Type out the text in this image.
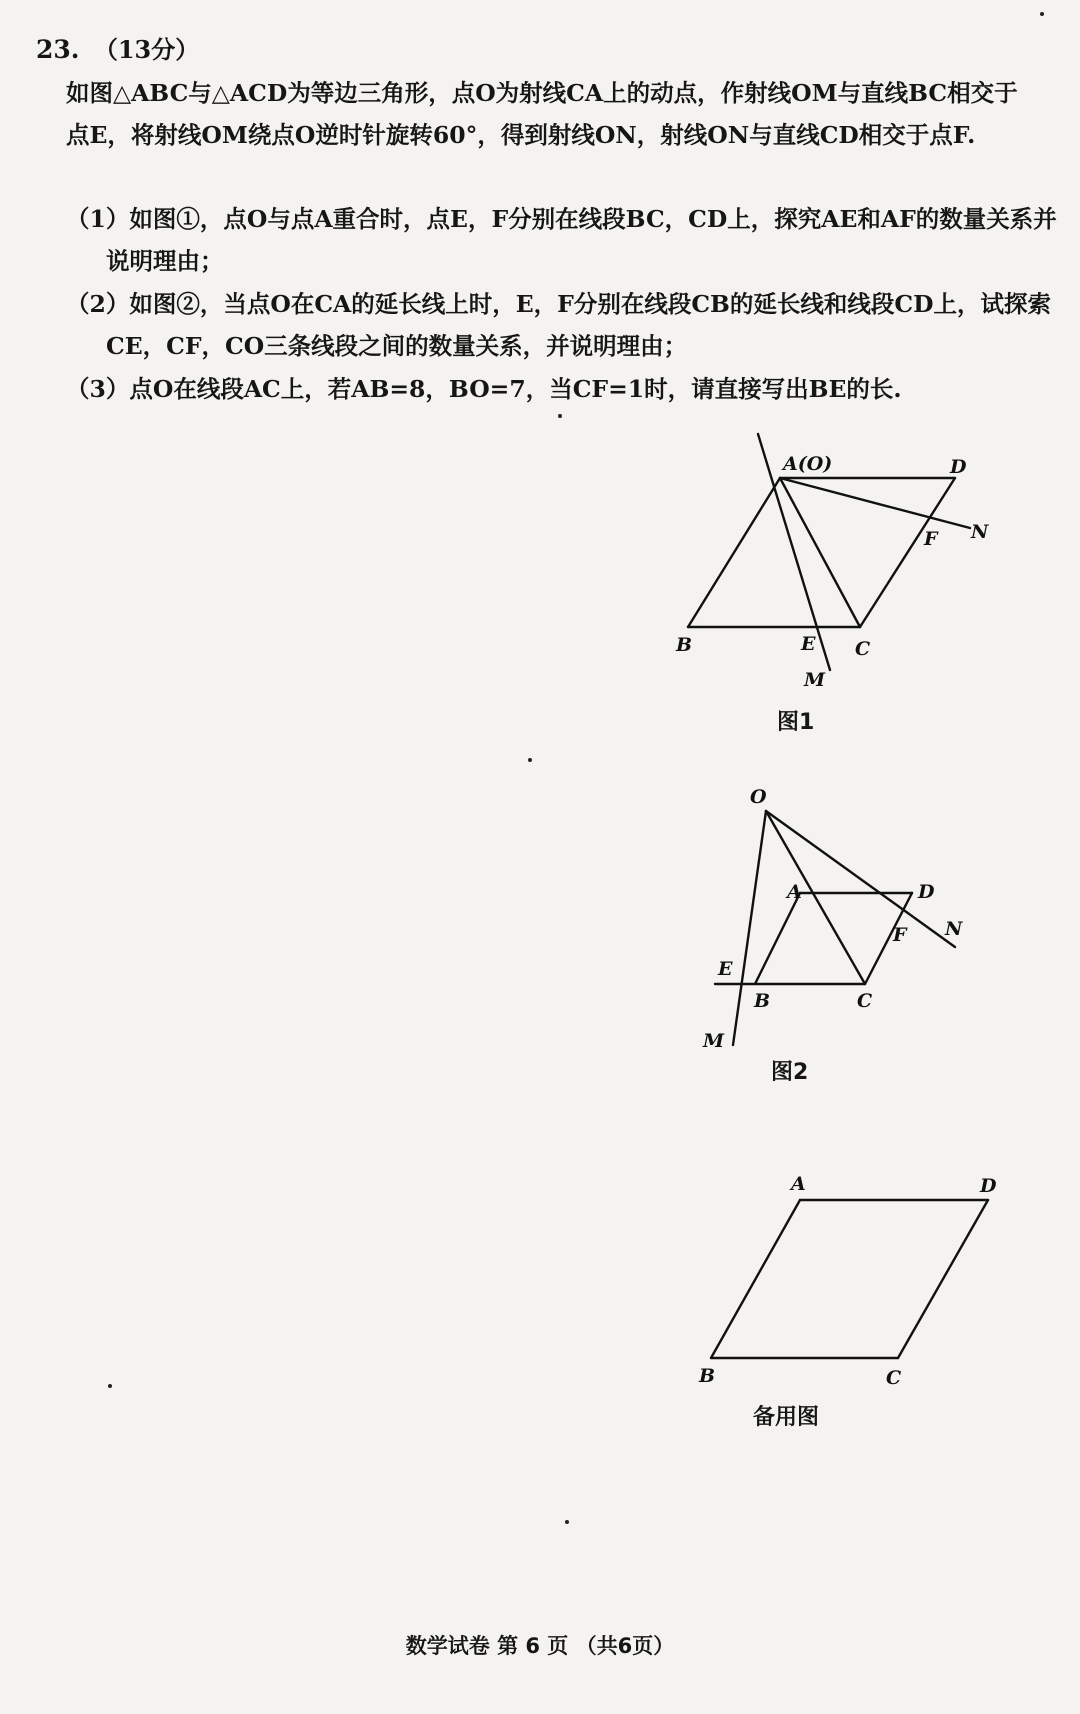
23. （13分）
如图△ABC与△ACD为等边三角形，点O为射线CA上的动点，作射线OM与直线BC相交于点E，将射线OM绕点O逆时针旋转60°，得到射线ON，射线ON与直线CD相交于点F.
（1）如图①，点O与点A重合时，点E，F分别在线段BC，CD上，探究AE和AF的数量关系并说明理由；
（2）如图②，当点O在CA的延长线上时，E，F分别在线段CB的延长线和线段CD上，试探索CE，CF，CO三条线段之间的数量关系，并说明理由；
（3）点O在线段AC上，若AB=8，BO=7，当CF=1时，请直接写出BE的长.
A(O)	D
N
F
B	E C
M
图1
O
A	D
F N
E
B	C
M
图2
A	D
B	C
备用图
数学试卷 第 6 页 （共6页）
